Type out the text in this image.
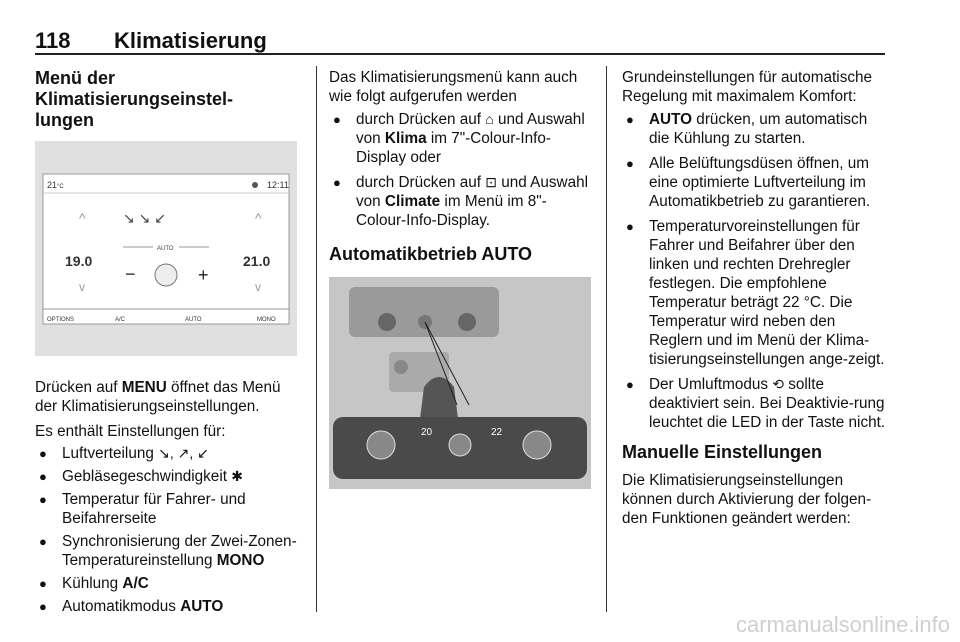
118 Klimatisierung
Menü der Klimatisierungseinstel-
lungen
21°C	12:11
^
19.0
v
^
21.0
v
↘ ↘ ↙
AUTO
−	+
OPTIONS	A/C	AUTO	MONO
Drücken auf MENU öffnet das Menü der Klimatisierungseinstellungen.
Es enthält Einstellungen für:
● Luftverteilung ↘, ↗, ↙
● Gebläsegeschwindigkeit ✱
● Temperatur für Fahrer- und Beifahrerseite
● Synchronisierung der Zwei-Zonen-Temperatureinstellung MONO
● Kühlung A/C
● Automatikmodus AUTO
Das Klimatisierungsmenü kann auch wie folgt aufgerufen werden
● durch Drücken auf ⌂ und Auswahl von Klima im 7"-Colour-Info-Display oder
● durch Drücken auf ⊡ und Auswahl von Climate im Menü im 8"-Colour-Info-Display.
Automatikbetrieb AUTO
20	22
Grundeinstellungen für automatische Regelung mit maximalem Komfort:
● AUTO drücken, um automatisch die Kühlung zu starten.
● Alle Belüftungsdüsen öffnen, um eine optimierte Luftverteilung im Automatikbetrieb zu garantieren.
● Temperaturvoreinstellungen für Fahrer und Beifahrer über den linken und rechten Drehregler festlegen. Die empfohlene Temperatur beträgt 22 °C. Die Temperatur wird neben den Reglern und im Menü der Klima-tisierungseinstellungen ange-zeigt.
● Der Umluftmodus ⟲ sollte deaktiviert sein. Bei Deaktivie-rung leuchtet die LED in der Taste nicht.
Manuelle Einstellungen
Die Klimatisierungseinstellungen können durch Aktivierung der folgen-den Funktionen geändert werden:
carmanualsonline.info
